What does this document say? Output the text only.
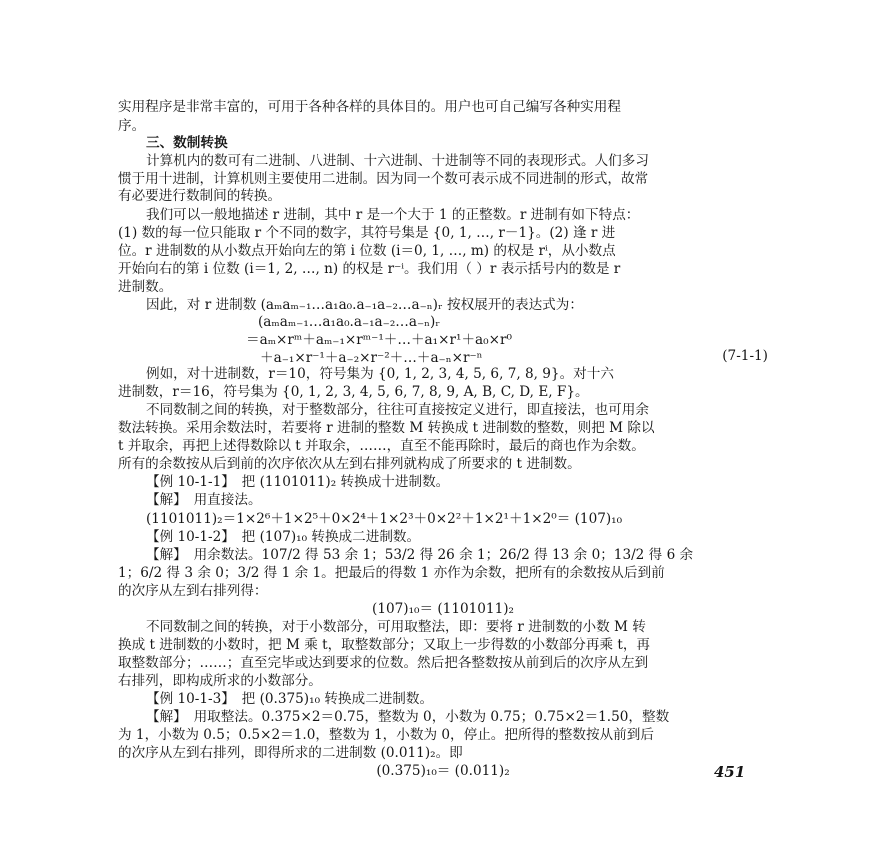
实用程序是非常丰富的，可用于各种各样的具体目的。用户也可自己编写各种实用程
序。
三、数制转换
计算机内的数可有二进制、八进制、十六进制、十进制等不同的表现形式。人们多习
惯于用十进制，计算机则主要使用二进制。因为同一个数可表示成不同进制的形式，故常
有必要进行数制间的转换。
我们可以一般地描述 r 进制，其中 r 是一个大于 1 的正整数。r 进制有如下特点：
(1) 数的每一位只能取 r 个不同的数字，其符号集是 {0, 1, …, r－1}。(2) 逢 r 进
位。r 进制数的从小数点开始向左的第 i 位数 (i＝0, 1, …, m) 的权是 rⁱ，从小数点
开始向右的第 i 位数 (i＝1, 2, …, n) 的权是 r⁻ⁱ。我们用（ ）r 表示括号内的数是 r
进制数。
因此，对 r 进制数 (aₘaₘ₋₁…a₁a₀.a₋₁a₋₂…a₋ₙ)ᵣ 按权展开的表达式为：
(aₘaₘ₋₁…a₁a₀.a₋₁a₋₂…a₋ₙ)ᵣ
＝aₘ×rᵐ＋aₘ₋₁×rᵐ⁻¹＋…＋a₁×r¹＋a₀×r⁰
＋a₋₁×r⁻¹＋a₋₂×r⁻²＋…＋a₋ₙ×r⁻ⁿ	(7-1-1)
例如，对十进制数，r＝10，符号集为 {0, 1, 2, 3, 4, 5, 6, 7, 8, 9}。对十六
进制数，r＝16，符号集为 {0, 1, 2, 3, 4, 5, 6, 7, 8, 9, A, B, C, D, E, F}。
不同数制之间的转换，对于整数部分，往往可直接按定义进行，即直接法，也可用余
数法转换。采用余数法时，若要将 r 进制的整数 M 转换成 t 进制数的整数，则把 M 除以
t 并取余，再把上述得数除以 t 并取余，……，直至不能再除时，最后的商也作为余数。
所有的余数按从后到前的次序依次从左到右排列就构成了所要求的 t 进制数。
【例 10-1-1】　把 (1101011)₂ 转换成十进制数。
【解】　用直接法。
(1101011)₂＝1×2⁶＋1×2⁵＋0×2⁴＋1×2³＋0×2²＋1×2¹＋1×2⁰＝ (107)₁₀
【例 10-1-2】　把 (107)₁₀ 转换成二进制数。
【解】　用余数法。107/2 得 53 余 1；53/2 得 26 余 1；26/2 得 13 余 0；13/2 得 6 余
1；6/2 得 3 余 0；3/2 得 1 余 1。把最后的得数 1 亦作为余数，把所有的余数按从后到前
的次序从左到右排列得：
(107)₁₀＝ (1101011)₂
不同数制之间的转换，对于小数部分，可用取整法，即：要将 r 进制数的小数 M 转
换成 t 进制数的小数时，把 M 乘 t，取整数部分；又取上一步得数的小数部分再乘 t，再
取整数部分；……；直至完毕或达到要求的位数。然后把各整数按从前到后的次序从左到
右排列，即构成所求的小数部分。
【例 10-1-3】　把 (0.375)₁₀ 转换成二进制数。
【解】　用取整法。0.375×2＝0.75，整数为 0，小数为 0.75；0.75×2＝1.50，整数
为 1，小数为 0.5；0.5×2＝1.0，整数为 1，小数为 0，停止。把所得的整数按从前到后
的次序从左到右排列，即得所求的二进制数 (0.011)₂。即
(0.375)₁₀＝ (0.011)₂	451
